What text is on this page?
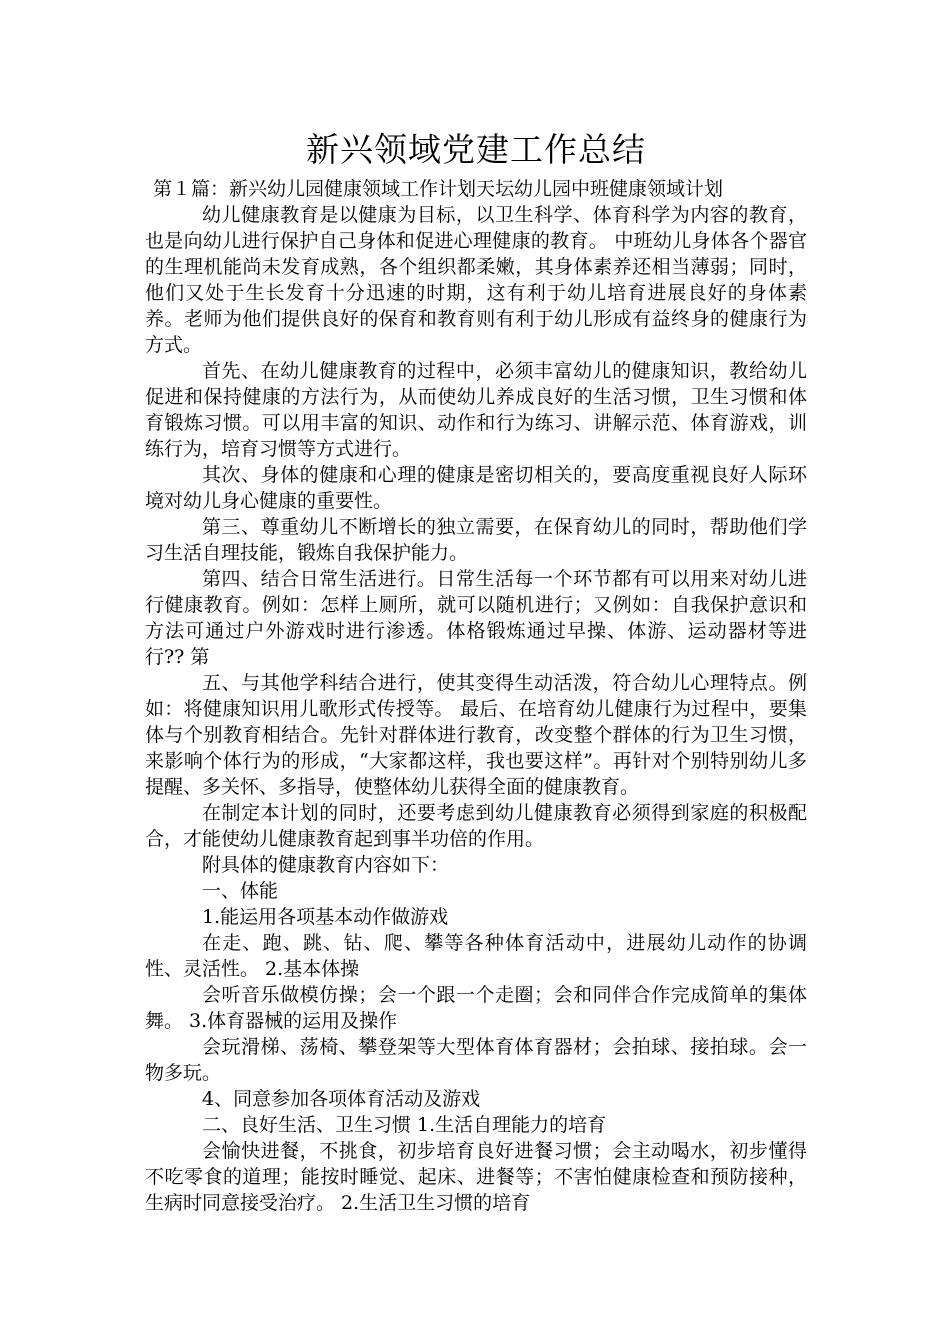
新兴领域党建工作总结

第１篇：新兴幼儿园健康领域工作计划天坛幼儿园中班健康领域计划

幼儿健康教育是以健康为目标，以卫生科学、体育科学为内容的教育，也是向幼儿进行保护自己身体和促进心理健康的教育。 中班幼儿身体各个器官的生理机能尚未发育成熟，各个组织都柔嫩，其身体素养还相当薄弱；同时，他们又处于生长发育十分迅速的时期，这有利于幼儿培育进展良好的身体素养。老师为他们提供良好的保育和教育则有利于幼儿形成有益终身的健康行为方式。

首先、在幼儿健康教育的过程中，必须丰富幼儿的健康知识，教给幼儿促进和保持健康的方法行为，从而使幼儿养成良好的生活习惯，卫生习惯和体育锻炼习惯。可以用丰富的知识、动作和行为练习、讲解示范、体育游戏，训练行为，培育习惯等方式进行。

其次、身体的健康和心理的健康是密切相关的，要高度重视良好人际环境对幼儿身心健康的重要性。

第三、尊重幼儿不断增长的独立需要，在保育幼儿的同时，帮助他们学习生活自理技能，锻炼自我保护能力。

第四、结合日常生活进行。日常生活每一个环节都有可以用来对幼儿进行健康教育。例如：怎样上厕所，就可以随机进行；又例如：自我保护意识和方法可通过户外游戏时进行渗透。体格锻炼通过早操、体游、运动器材等进行?? 第

五、与其他学科结合进行，使其变得生动活泼，符合幼儿心理特点。例如：将健康知识用儿歌形式传授等。 最后、在培育幼儿健康行为过程中，要集体与个别教育相结合。先针对群体进行教育，改变整个群体的行为卫生习惯，来影响个体行为的形成，“大家都这样，我也要这样”。再针对个别特别幼儿多提醒、多关怀、多指导，使整体幼儿获得全面的健康教育。

在制定本计划的同时，还要考虑到幼儿健康教育必须得到家庭的积极配合，才能使幼儿健康教育起到事半功倍的作用。

附具体的健康教育内容如下：

一、体能

1.能运用各项基本动作做游戏

在走、跑、跳、钻、爬、攀等各种体育活动中，进展幼儿动作的协调性、灵活性。 2.基本体操

会听音乐做模仿操；会一个跟一个走圈；会和同伴合作完成简单的集体舞。 3.体育器械的运用及操作

会玩滑梯、荡椅、攀登架等大型体育体育器材；会拍球、接拍球。会一物多玩。

4、同意参加各项体育活动及游戏

二、良好生活、卫生习惯 1.生活自理能力的培育

会愉快进餐，不挑食，初步培育良好进餐习惯；会主动喝水，初步懂得不吃零食的道理；能按时睡觉、起床、进餐等；不害怕健康检查和预防接种，生病时同意接受治疗。 2.生活卫生习惯的培育
